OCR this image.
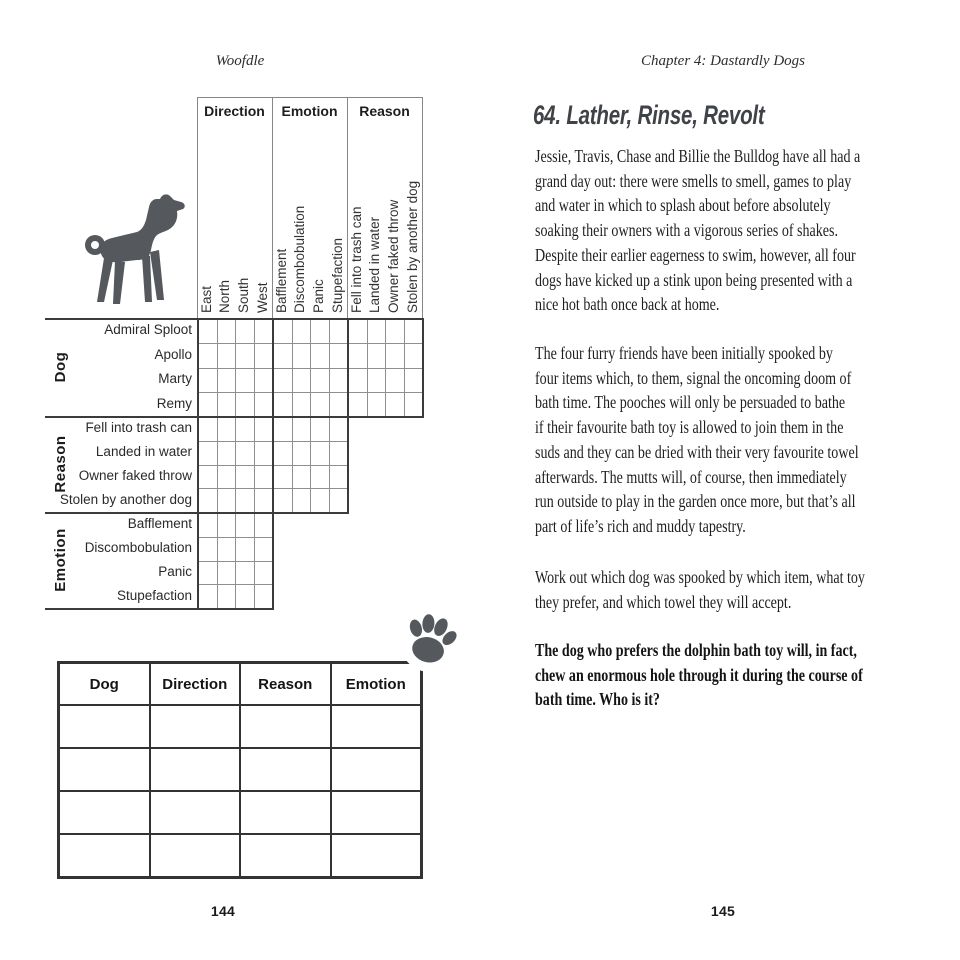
Woofdle	Chapter 4: Dastardly Dogs
Direction
East North South West
Emotion
Bafflement Discombobulation Panic Stupefaction
Reason
Fell into trash can Landed in water Owner faked throw Stolen by another dog
Admiral Sploot
Apollo
Marty
Remy
Dog
Fell into trash can
Landed in water
Owner faked throw
Stolen by another dog
Reason
Bafflement
Discombobulation
Panic
Stupefaction
Emotion
Dog	Direction	Reason	Emotion
144	145
64. Lather, Rinse, Revolt
Jessie, Travis, Chase and Billie the Bulldog have all had a
grand day out: there were smells to smell, games to play
and water in which to splash about before absolutely
soaking their owners with a vigorous series of shakes.
Despite their earlier eagerness to swim, however, all four
dogs have kicked up a stink upon being presented with a
nice hot bath once back at home.
The four furry friends have been initially spooked by
four items which, to them, signal the oncoming doom of
bath time. The pooches will only be persuaded to bathe
if their favourite bath toy is allowed to join them in the
suds and they can be dried with their very favourite towel
afterwards. The mutts will, of course, then immediately
run outside to play in the garden once more, but that’s all
part of life’s rich and muddy tapestry.
Work out which dog was spooked by which item, what toy
they prefer, and which towel they will accept.
The dog who prefers the dolphin bath toy will, in fact,
chew an enormous hole through it during the course of
bath time. Who is it?
